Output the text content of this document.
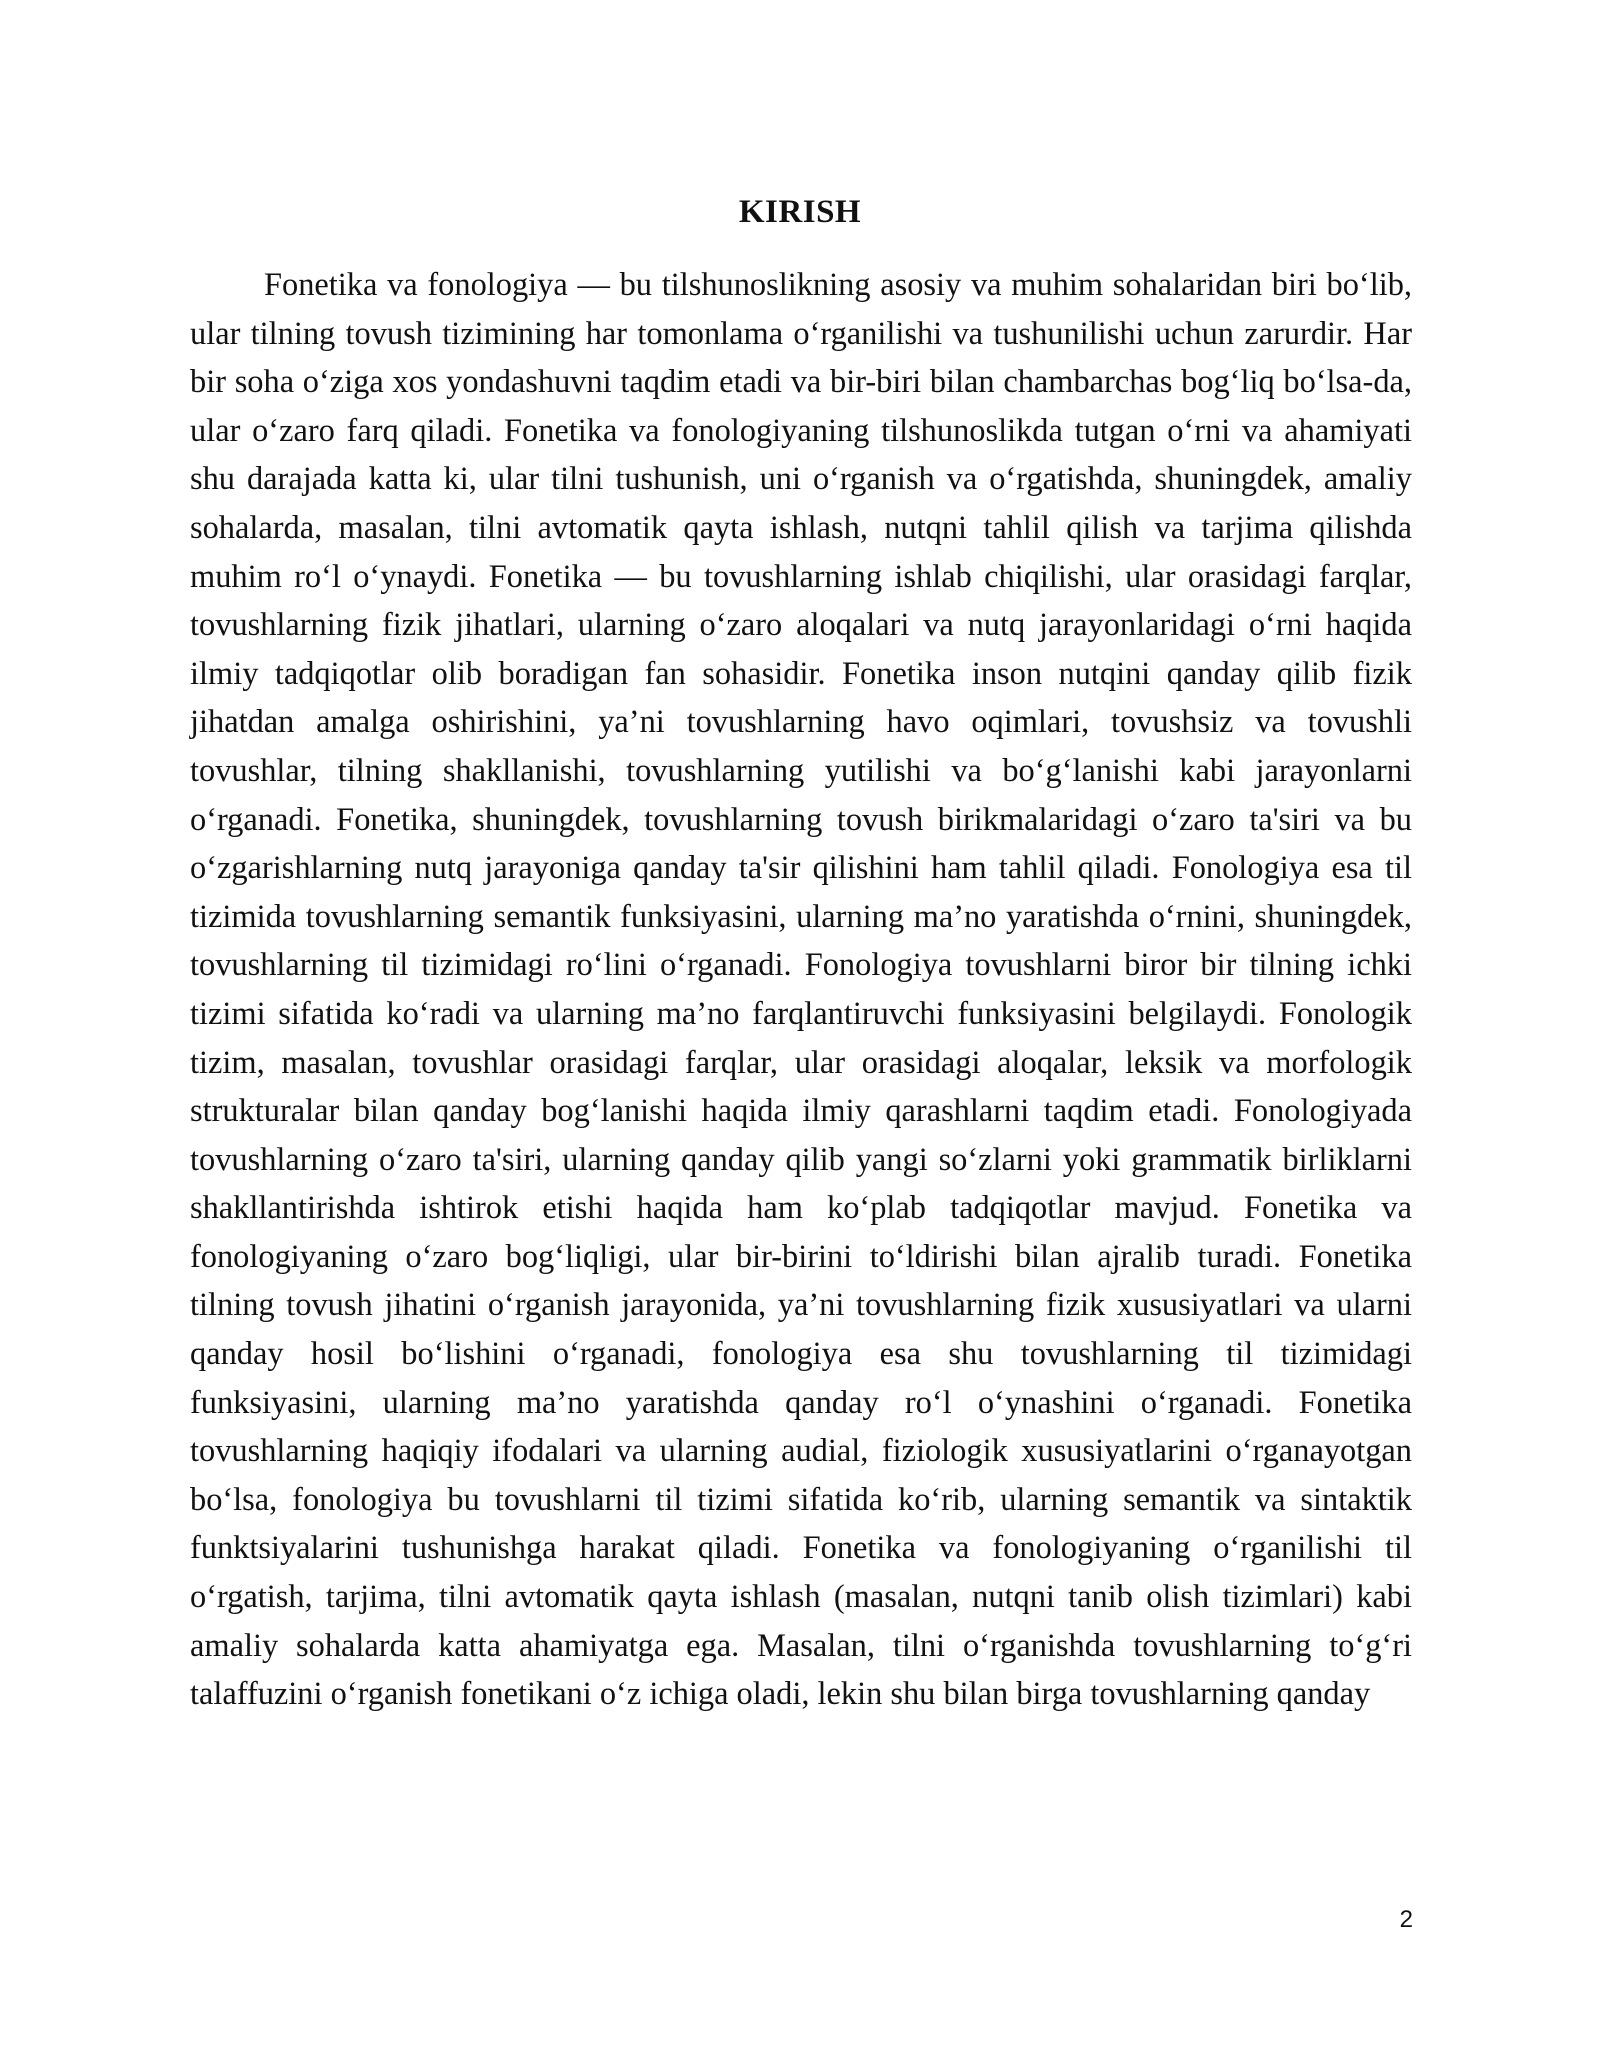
KIRISH

Fonetika va fonologiya — bu tilshunoslikning asosiy va muhim sohalaridan biri bo‘lib, ular tilning tovush tizimining har tomonlama o‘rganilishi va tushunilishi uchun zarurdir. Har bir soha o‘ziga xos yondashuvni taqdim etadi va bir-biri bilan chambarchas bog‘liq bo‘lsa-da, ular o‘zaro farq qiladi. Fonetika va fonologiyaning tilshunoslikda tutgan o‘rni va ahamiyati shu darajada katta ki, ular tilni tushunish, uni o‘rganish va o‘rgatishda, shuningdek, amaliy sohalarda, masalan, tilni avtomatik qayta ishlash, nutqni tahlil qilish va tarjima qilishda muhim ro‘l o‘ynaydi. Fonetika — bu tovushlarning ishlab chiqilishi, ular orasidagi farqlar, tovushlarning fizik jihatlari, ularning o‘zaro aloqalari va nutq jarayonlaridagi o‘rni haqida ilmiy tadqiqotlar olib boradigan fan sohasidir. Fonetika inson nutqini qanday qilib fizik jihatdan amalga oshirishini, ya’ni tovushlarning havo oqimlari, tovushsiz va tovushli tovushlar, tilning shakllanishi, tovushlarning yutilishi va bo‘g‘lanishi kabi jarayonlarni o‘rganadi. Fonetika, shuningdek, tovushlarning tovush birikmalaridagi o‘zaro ta'siri va bu o‘zgarishlarning nutq jarayoniga qanday ta'sir qilishini ham tahlil qiladi. Fonologiya esa til tizimida tovushlarning semantik funksiyasini, ularning ma’no yaratishda o‘rnini, shuningdek, tovushlarning til tizimidagi ro‘lini o‘rganadi. Fonologiya tovushlarni biror bir tilning ichki tizimi sifatida ko‘radi va ularning ma’no farqlantiruvchi funksiyasini belgilaydi. Fonologik tizim, masalan, tovushlar orasidagi farqlar, ular orasidagi aloqalar, leksik va morfologik strukturalar bilan qanday bog‘lanishi haqida ilmiy qarashlarni taqdim etadi. Fonologiyada tovushlarning o‘zaro ta'siri, ularning qanday qilib yangi so‘zlarni yoki grammatik birliklarni shakllantirishda ishtirok etishi haqida ham ko‘plab tadqiqotlar mavjud. Fonetika va fonologiyaning o‘zaro bog‘liqligi, ular bir-birini to‘ldirishi bilan ajralib turadi. Fonetika tilning tovush jihatini o‘rganish jarayonida, ya’ni tovushlarning fizik xususiyatlari va ularni qanday hosil bo‘lishini o‘rganadi, fonologiya esa shu tovushlarning til tizimidagi funksiyasini, ularning ma’no yaratishda qanday ro‘l o‘ynashini o‘rganadi. Fonetika tovushlarning haqiqiy ifodalari va ularning audial, fiziologik xususiyatlarini o‘rganayotgan bo‘lsa, fonologiya bu tovushlarni til tizimi sifatida ko‘rib, ularning semantik va sintaktik funktsiyalarini tushunishga harakat qiladi. Fonetika va fonologiyaning o‘rganilishi til o‘rgatish, tarjima, tilni avtomatik qayta ishlash (masalan, nutqni tanib olish tizimlari) kabi amaliy sohalarda katta ahamiyatga ega. Masalan, tilni o‘rganishda tovushlarning to‘g‘ri talaffuzini o‘rganish fonetikani o‘z ichiga oladi, lekin shu bilan birga tovushlarning qanday

2
